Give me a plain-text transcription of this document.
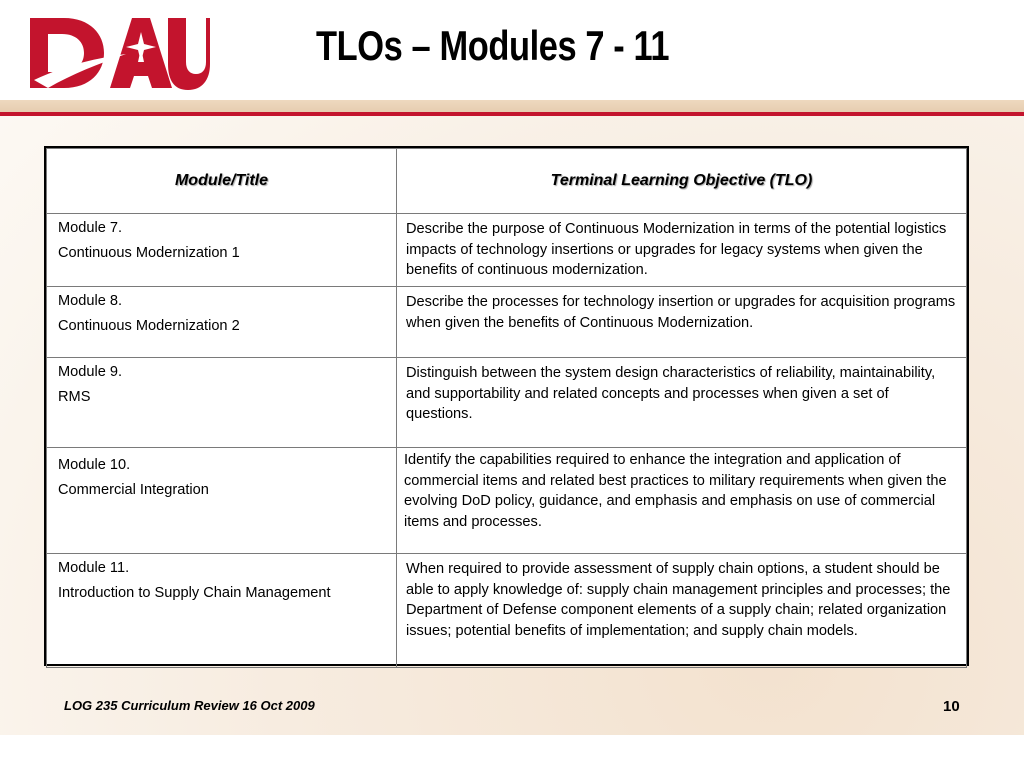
TLOs – Modules 7 - 11
Module/Title	Terminal Learning Objective (TLO)

Module 7.
Continuous Modernization 1	Describe the purpose of Continuous Modernization in terms of the potential logistics impacts of technology insertions or upgrades for legacy systems when given the benefits of continuous modernization.

Module 8.
Continuous Modernization 2	Describe the processes for technology insertion or upgrades for acquisition programs when given the benefits of Continuous Modernization.

Module 9.
RMS	Distinguish between the system design characteristics of reliability, maintainability, and supportability and related concepts and processes when given a set of questions.

Module 10.
Commercial Integration	Identify the capabilities required to enhance the integration and application of commercial items and related best practices to military requirements when given the evolving DoD policy, guidance, and emphasis and emphasis on use of commercial items and processes.

Module 11.
Introduction to Supply Chain Management	When required to provide assessment of supply chain options, a student should be able to apply knowledge of: supply chain management principles and processes; the Department of Defense component elements of a supply chain; related organization issues; potential benefits of implementation; and supply chain models.
LOG 235 Curriculum Review 16 Oct 2009	10
